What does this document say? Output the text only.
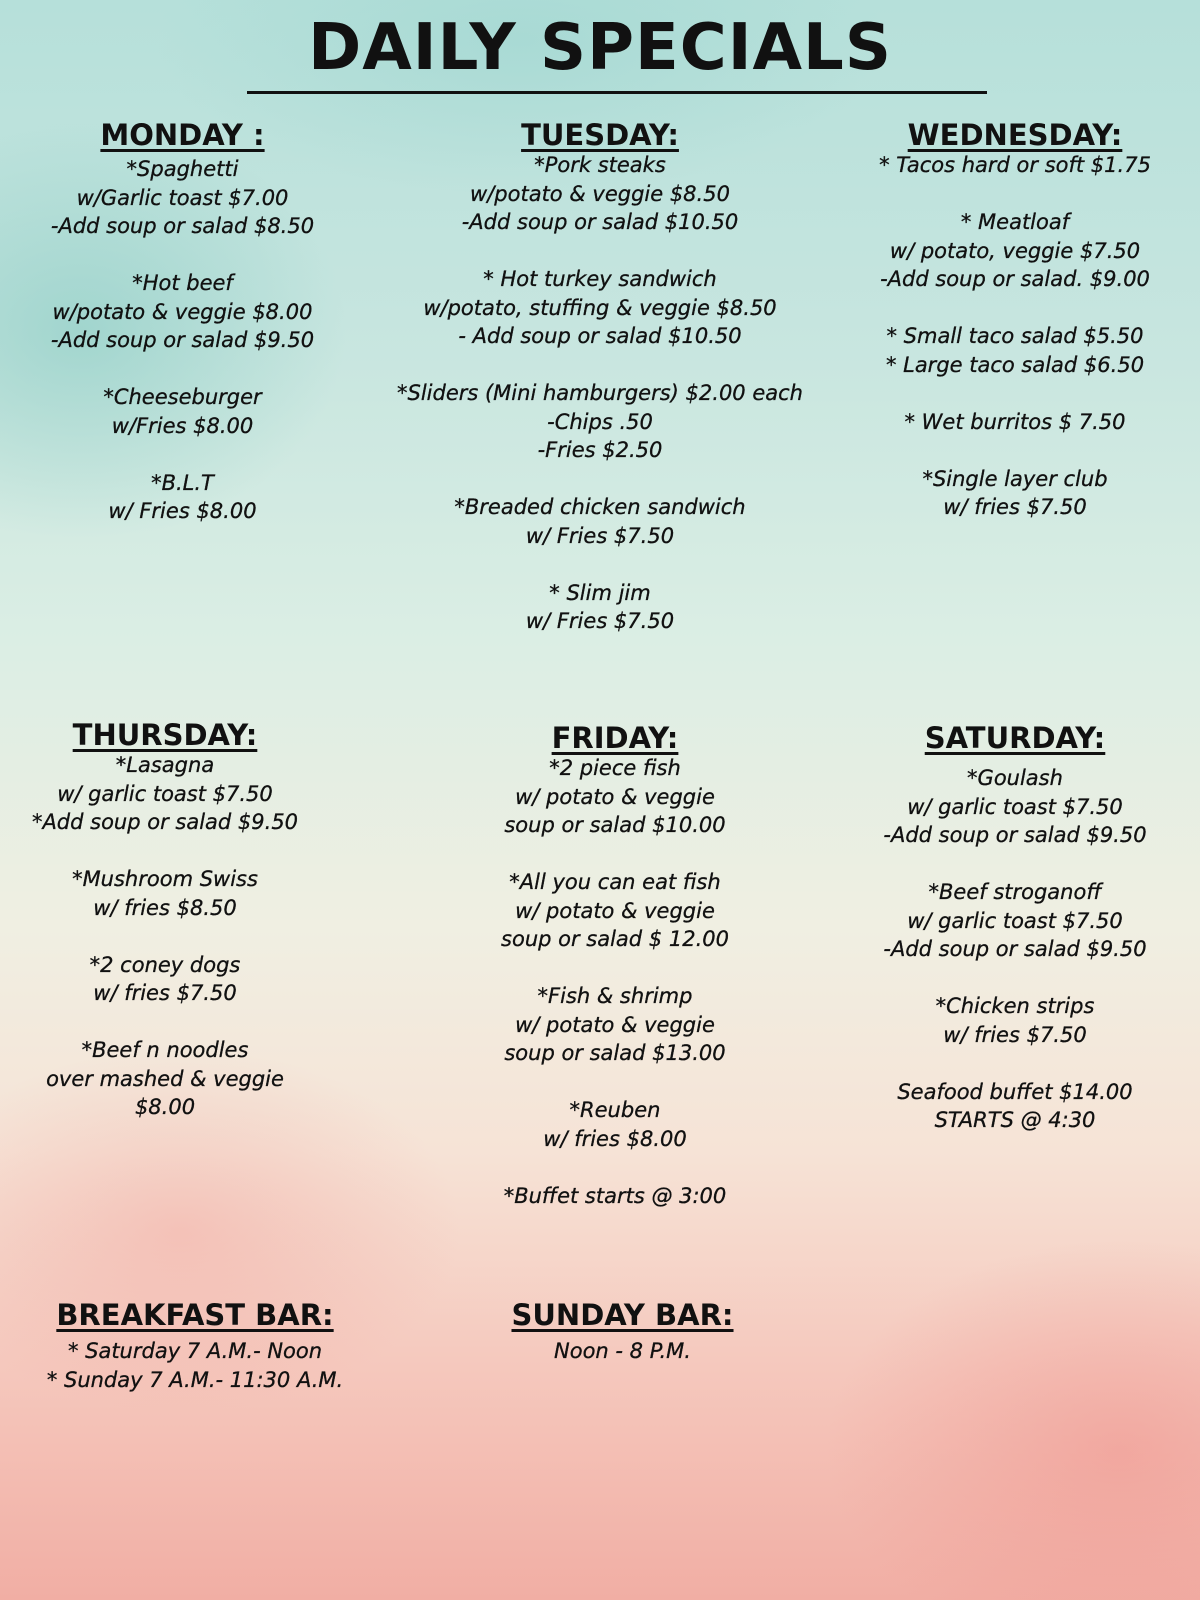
DAILY SPECIALS
MONDAY :
*Spaghetti
w/Garlic toast $7.00
-Add soup or salad $8.50
*Hot beef
w/potato & veggie $8.00
-Add soup or salad $9.50
*Cheeseburger
w/Fries $8.00
*B.L.T
w/ Fries $8.00
TUESDAY:
*Pork steaks
w/potato & veggie $8.50
-Add soup or salad $10.50
* Hot turkey sandwich
w/potato, stuffing & veggie $8.50
- Add soup or salad $10.50
*Sliders (Mini hamburgers) $2.00 each
-Chips .50
-Fries $2.50
*Breaded chicken sandwich
w/ Fries $7.50
* Slim jim
w/ Fries $7.50
WEDNESDAY:
* Tacos hard or soft $1.75
* Meatloaf
w/ potato, veggie $7.50
-Add soup or salad. $9.00
* Small taco salad $5.50
* Large taco salad $6.50
* Wet burritos $ 7.50
*Single layer club
w/ fries $7.50
THURSDAY:
*Lasagna
w/ garlic toast $7.50
*Add soup or salad $9.50
*Mushroom Swiss
w/ fries $8.50
*2 coney dogs
w/ fries $7.50
*Beef n noodles
over mashed & veggie
$8.00
FRIDAY:
*2 piece fish
w/ potato & veggie
soup or salad $10.00
*All you can eat fish
w/ potato & veggie
soup or salad $ 12.00
*Fish & shrimp
w/ potato & veggie
soup or salad $13.00
*Reuben
w/ fries $8.00
*Buffet starts @ 3:00
SATURDAY:
*Goulash
w/ garlic toast $7.50
-Add soup or salad $9.50
*Beef stroganoff
w/ garlic toast $7.50
-Add soup or salad $9.50
*Chicken strips
w/ fries $7.50
Seafood buffet $14.00
STARTS @ 4:30
BREAKFAST BAR:
* Saturday 7 A.M.- Noon
* Sunday 7 A.M.- 11:30 A.M.
SUNDAY BAR:
Noon - 8 P.M.
